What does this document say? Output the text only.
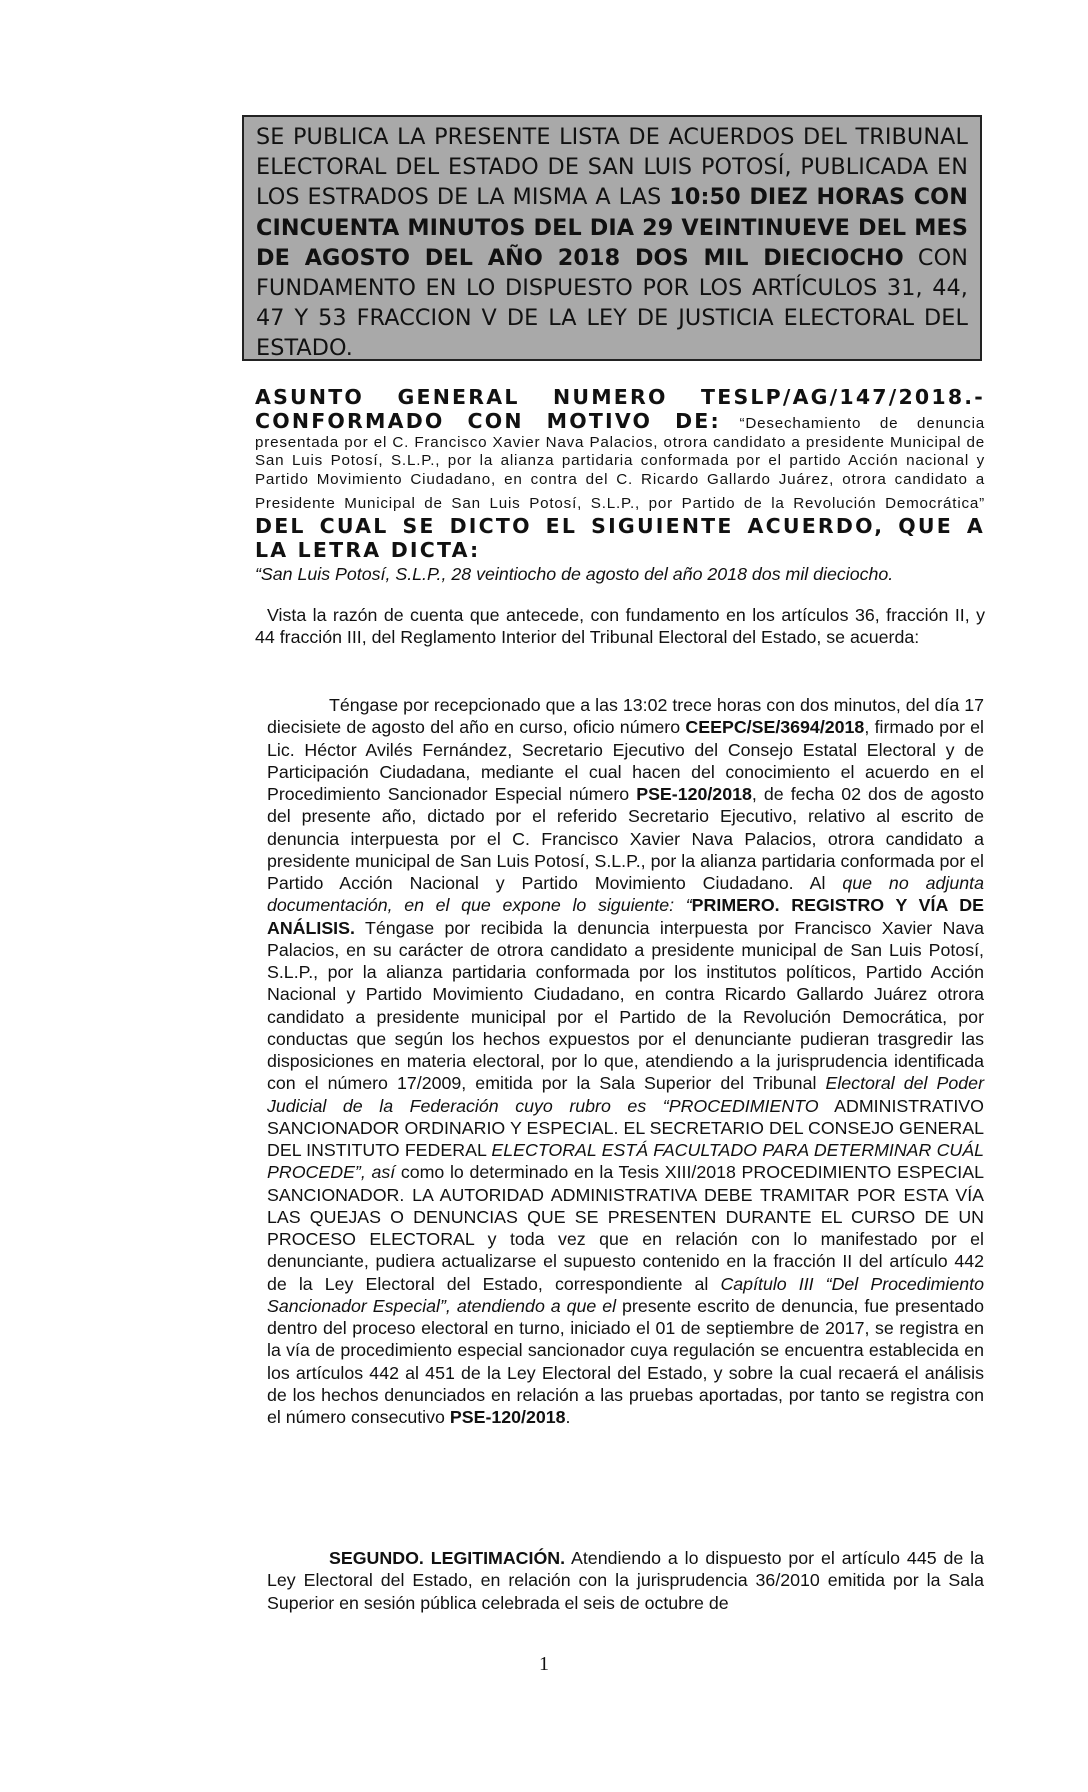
SE PUBLICA LA PRESENTE LISTA DE ACUERDOS DEL TRIBUNAL ELECTORAL DEL ESTADO DE SAN LUIS POTOSÍ, PUBLICADA EN LOS ESTRADOS DE LA MISMA A LAS 10:50 DIEZ HORAS CON CINCUENTA MINUTOS DEL DIA 29 VEINTINUEVE DEL MES DE AGOSTO DEL AÑO 2018 DOS MIL DIECIOCHO CON FUNDAMENTO EN LO DISPUESTO POR LOS ARTÍCULOS 31, 44, 47 Y 53 FRACCION V DE LA LEY DE JUSTICIA ELECTORAL DEL ESTADO.
ASUNTO GENERAL NUMERO TESLP/AG/147/2018.-
CONFORMADO CON MOTIVO DE: “Desechamiento de denuncia presentada por el C. Francisco Xavier Nava Palacios, otrora candidato a presidente Municipal de San Luis Potosí, S.L.P., por la alianza partidaria conformada por el partido Acción nacional y Partido Movimiento Ciudadano, en contra del C. Ricardo Gallardo Juárez, otrora candidato a Presidente Municipal de San Luis Potosí, S.L.P., por Partido de la Revolución Democrática” DEL CUAL SE DICTO EL SIGUIENTE ACUERDO, QUE A LA LETRA DICTA:
“San Luis Potosí, S.L.P., 28 veintiocho de agosto del año 2018 dos mil dieciocho.
Vista la razón de cuenta que antecede, con fundamento en los artículos 36, fracción II, y 44 fracción III, del Reglamento Interior del Tribunal Electoral del Estado, se acuerda:
Téngase por recepcionado que a las 13:02 trece horas con dos minutos, del día 17 diecisiete de agosto del año en curso, oficio número CEEPC/SE/3694/2018, firmado por el Lic. Héctor Avilés Fernández, Secretario Ejecutivo del Consejo Estatal Electoral y de Participación Ciudadana, mediante el cual hacen del conocimiento el acuerdo en el Procedimiento Sancionador Especial número PSE-120/2018, de fecha 02 dos de agosto del presente año, dictado por el referido Secretario Ejecutivo, relativo al escrito de denuncia interpuesta por el C. Francisco Xavier Nava Palacios, otrora candidato a presidente municipal de San Luis Potosí, S.L.P., por la alianza partidaria conformada por el Partido Acción Nacional y Partido Movimiento Ciudadano. Al que no adjunta documentación, en el que expone lo siguiente: “PRIMERO. REGISTRO Y VÍA DE ANÁLISIS. Téngase por recibida la denuncia interpuesta por Francisco Xavier Nava Palacios, en su carácter de otrora candidato a presidente municipal de San Luis Potosí, S.L.P., por la alianza partidaria conformada por los institutos políticos, Partido Acción Nacional y Partido Movimiento Ciudadano, en contra Ricardo Gallardo Juárez otrora candidato a presidente municipal por el Partido de la Revolución Democrática, por conductas que según los hechos expuestos por el denunciante pudieran trasgredir las disposiciones en materia electoral, por lo que, atendiendo a la jurisprudencia identificada con el número 17/2009, emitida por la Sala Superior del Tribunal Electoral del Poder Judicial de la Federación cuyo rubro es “PROCEDIMIENTO ADMINISTRATIVO SANCIONADOR ORDINARIO Y ESPECIAL. EL SECRETARIO DEL CONSEJO GENERAL DEL INSTITUTO FEDERAL ELECTORAL ESTÁ FACULTADO PARA DETERMINAR CUÁL PROCEDE”, así como lo determinado en la Tesis XIII/2018 PROCEDIMIENTO ESPECIAL SANCIONADOR. LA AUTORIDAD ADMINISTRATIVA DEBE TRAMITAR POR ESTA VÍA LAS QUEJAS O DENUNCIAS QUE SE PRESENTEN DURANTE EL CURSO DE UN PROCESO ELECTORAL y toda vez que en relación con lo manifestado por el denunciante, pudiera actualizarse el supuesto contenido en la fracción II del artículo 442 de la Ley Electoral del Estado, correspondiente al Capítulo III “Del Procedimiento Sancionador Especial”, atendiendo a que el presente escrito de denuncia, fue presentado dentro del proceso electoral en turno, iniciado el 01 de septiembre de 2017, se registra en la vía de procedimiento especial sancionador cuya regulación se encuentra establecida en los artículos 442 al 451 de la Ley Electoral del Estado, y sobre la cual recaerá el análisis de los hechos denunciados en relación a las pruebas aportadas, por tanto se registra con el número consecutivo PSE-120/2018.
SEGUNDO. LEGITIMACIÓN. Atendiendo a lo dispuesto por el artículo 445 de la Ley Electoral del Estado, en relación con la jurisprudencia 36/2010 emitida por la Sala Superior en sesión pública celebrada el seis de octubre de
1
